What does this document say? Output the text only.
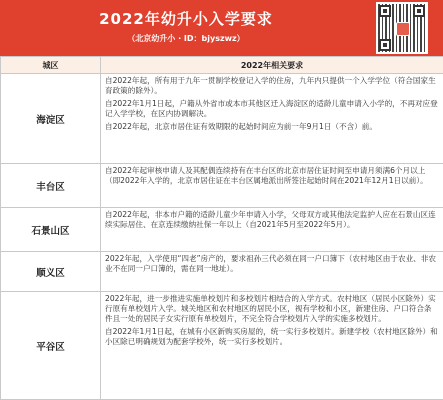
2022年幼升小入学要求
（北京幼升小 · ID：bjyszwz）
城区	2022年相关要求
海淀区	自2022年起，所有用于九年一贯制学校登记入学的住房，九年内只提供一个入学学位（符合国家生育政策的除外）。

自2022年1月1日起，户籍从外省市或本市其他区迁入海淀区的适龄儿童申请入小学的，不再对应登记入学学校，在区内协调解决。

自2022年起，北京市居住证有效期限的起始时间应为前一年9月1日（不含）前。

丰台区	自2022年起审核申请人及其配偶连续持有在丰台区的北京市居住证时间至申请月须满6个月以上（即2022年入学的，北京市居住证在丰台区属地派出所签注起始时间在2021年12月1日以前）。

石景山区	自2022年起，非本市户籍的适龄儿童少年申请入小学，父母双方或其他法定监护人应在石景山区连续实际居住、在京连续缴纳社保一年以上（自2021年5月至2022年5月）。

顺义区	2022年起，入学使用“四老”房产的，要求祖孙三代必须在同一户口簿下（农村地区由于农业、非农业不在同一户口簿的，需在同一地址）。

平谷区	2022年起，进一步推进实施单校划片和多校划片相结合的入学方式。农村地区（居民小区除外）实行原有单校划片入学。城关地区和农村地区的居民小区，视有学校和小区，新建住房、户口符合条件且一处的居民子女实行原有单校划片，不完全符合学校划片入学的实施多校划片。

自2022年1月1日起，在城有小区新购买房屋的，统一实行多校划片。新建学校（农村地区除外）和小区除已明确规划为配套学校外，统一实行多校划片。
